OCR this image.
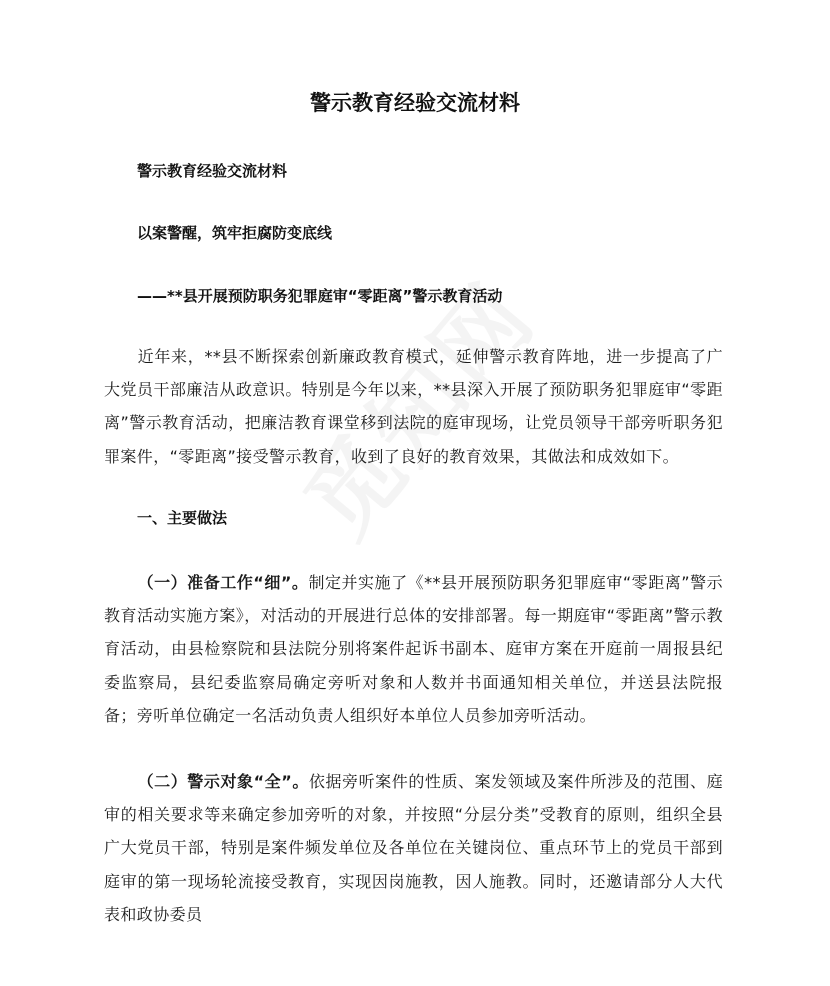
警示教育经验交流材料
警示教育经验交流材料
以案警醒，筑牢拒腐防变底线
——**县开展预防职务犯罪庭审“零距离”警示教育活动

近年来，**县不断探索创新廉政教育模式，延伸警示教育阵地，进一步提高了广大党员干部廉洁从政意识。特别是今年以来，**县深入开展了预防职务犯罪庭审“零距离”警示教育活动，把廉洁教育课堂移到法院的庭审现场，让党员领导干部旁听职务犯罪案件，“零距离”接受警示教育，收到了良好的教育效果，其做法和成效如下。

一、主要做法

（一）准备工作“细”。制定并实施了《**县开展预防职务犯罪庭审“零距离”警示教育活动实施方案》，对活动的开展进行总体的安排部署。每一期庭审“零距离”警示教育活动，由县检察院和县法院分别将案件起诉书副本、庭审方案在开庭前一周报县纪委监察局，县纪委监察局确定旁听对象和人数并书面通知相关单位，并送县法院报备；旁听单位确定一名活动负责人组织好本单位人员参加旁听活动。

（二）警示对象“全”。依据旁听案件的性质、案发领域及案件所涉及的范围、庭审的相关要求等来确定参加旁听的对象，并按照“分层分类”受教育的原则，组织全县广大党员干部，特别是案件频发单位及各单位在关键岗位、重点环节上的党员干部到庭审的第一现场轮流接受教育，实现因岗施教，因人施教。同时，还邀请部分人大代表和政协委员
